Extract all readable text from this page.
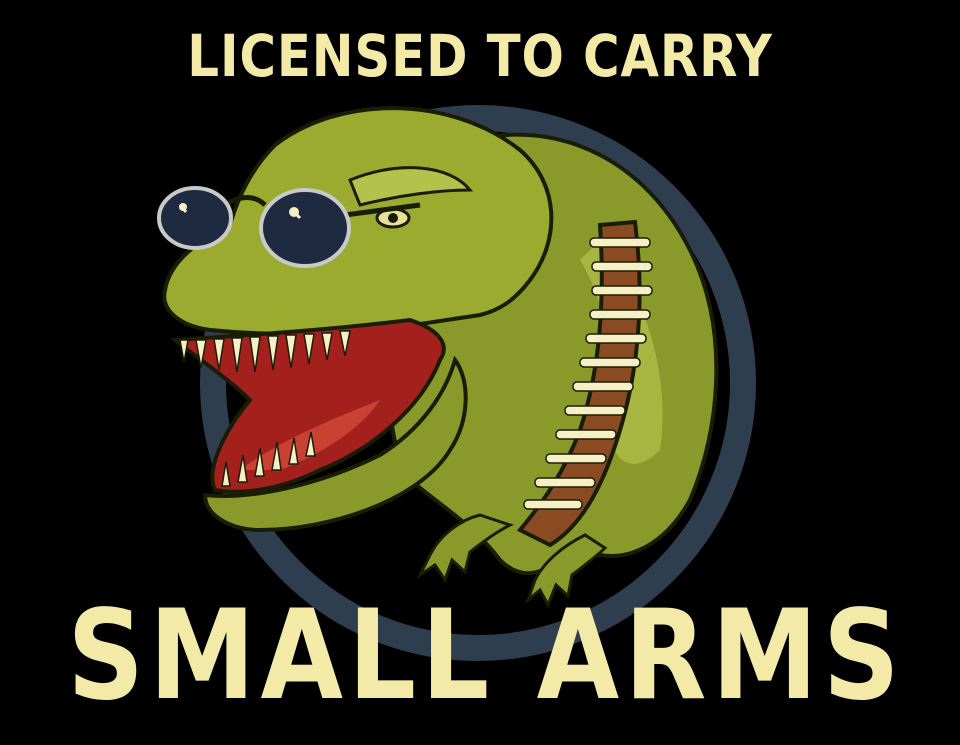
LICENSED TO CARRY
SMALL ARMS
